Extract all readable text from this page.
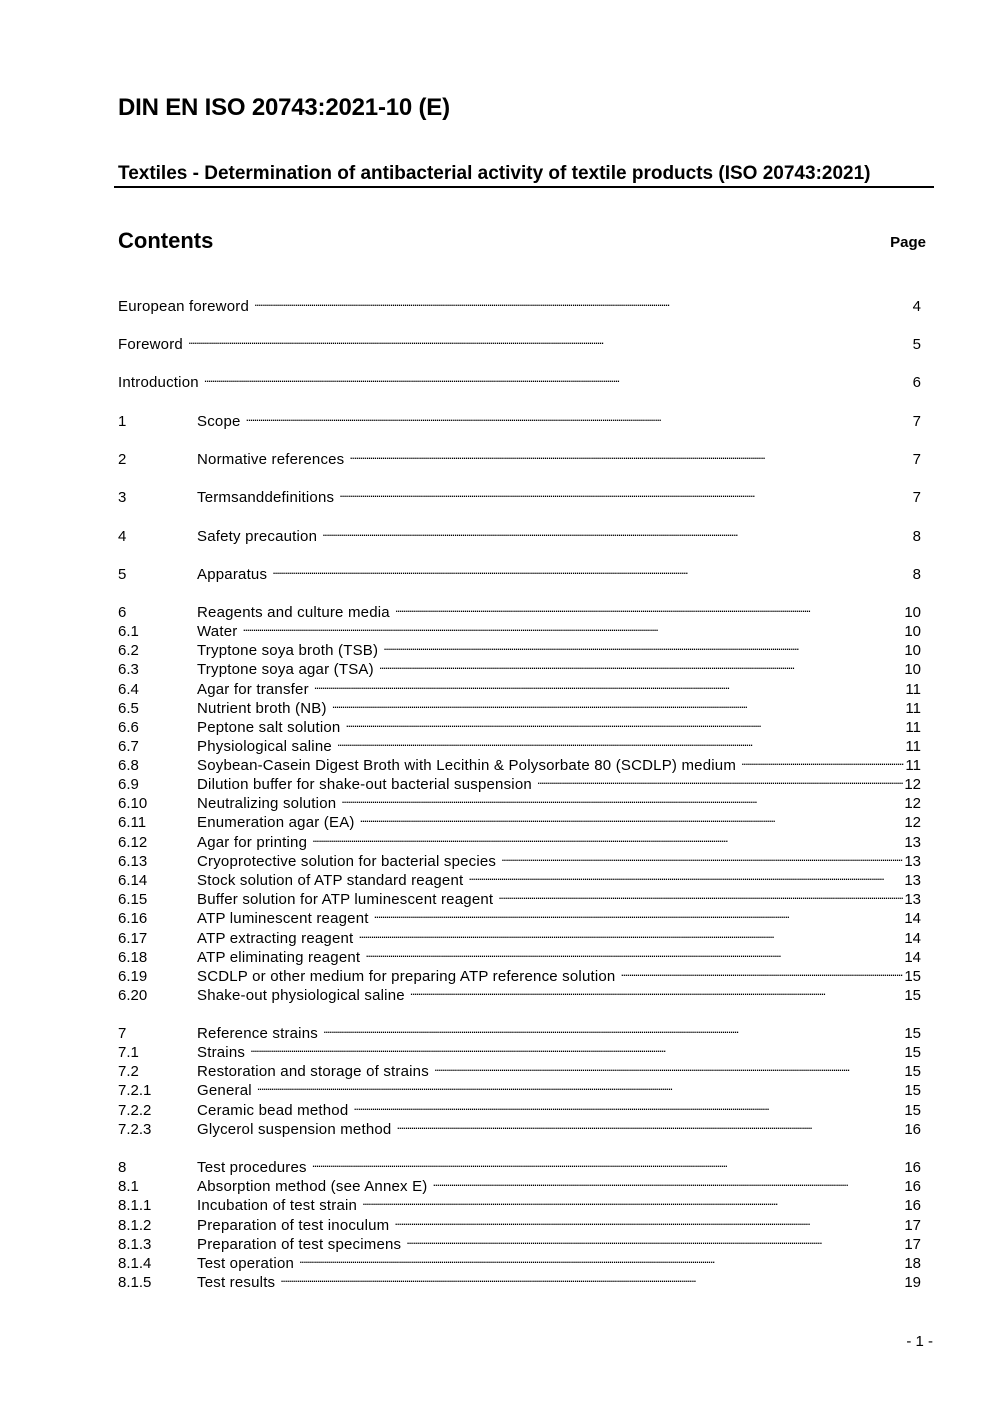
DIN EN ISO 20743:2021-10 (E)
Textiles - Determination of antibacterial activity of textile products (ISO 20743:2021)
Contents	Page
European foreword . . .	4
Foreword . . .	5
Introduction . . .	6
1	Scope . . .	7
2	Normative references . . .	7
3	Termsanddefinitions . . .	7
4	Safety precaution . . .	8
5	Apparatus . . .	8
6	Reagents and culture media . . .	10
6.1	Water . . .	10
6.2	Tryptone soya broth (TSB) . . .	10
6.3	Tryptone soya agar (TSA) . . .	10
6.4	Agar for transfer . . .	11
6.5	Nutrient broth (NB) . . .	11
6.6	Peptone salt solution . . .	11
6.7	Physiological saline . . .	11
6.8	Soybean-Casein Digest Broth with Lecithin & Polysorbate 80 (SCDLP) medium . . .	11
6.9	Dilution buffer for shake-out bacterial suspension . . .	12
6.10	Neutralizing solution . . .	12
6.11	Enumeration agar (EA) . . .	12
6.12	Agar for printing . . .	13
6.13	Cryoprotective solution for bacterial species . . .	13
6.14	Stock solution of ATP standard reagent . . .	13
6.15	Buffer solution for ATP luminescent reagent . . .	13
6.16	ATP luminescent reagent . . .	14
6.17	ATP extracting reagent . . .	14
6.18	ATP eliminating reagent . . .	14
6.19	SCDLP or other medium for preparing ATP reference solution . . .	15
6.20	Shake-out physiological saline . . .	15
7	Reference strains . . .	15
7.1	Strains . . .	15
7.2	Restoration and storage of strains . . .	15
7.2.1	General . . .	15
7.2.2	Ceramic bead method . . .	15
7.2.3	Glycerol suspension method . . .	16
8	Test procedures . . .	16
8.1	Absorption method (see Annex E) . . .	16
8.1.1	Incubation of test strain . . .	16
8.1.2	Preparation of test inoculum . . .	17
8.1.3	Preparation of test specimens . . .	17
8.1.4	Test operation . . .	18
8.1.5	Test results . . .	19
- 1 -
